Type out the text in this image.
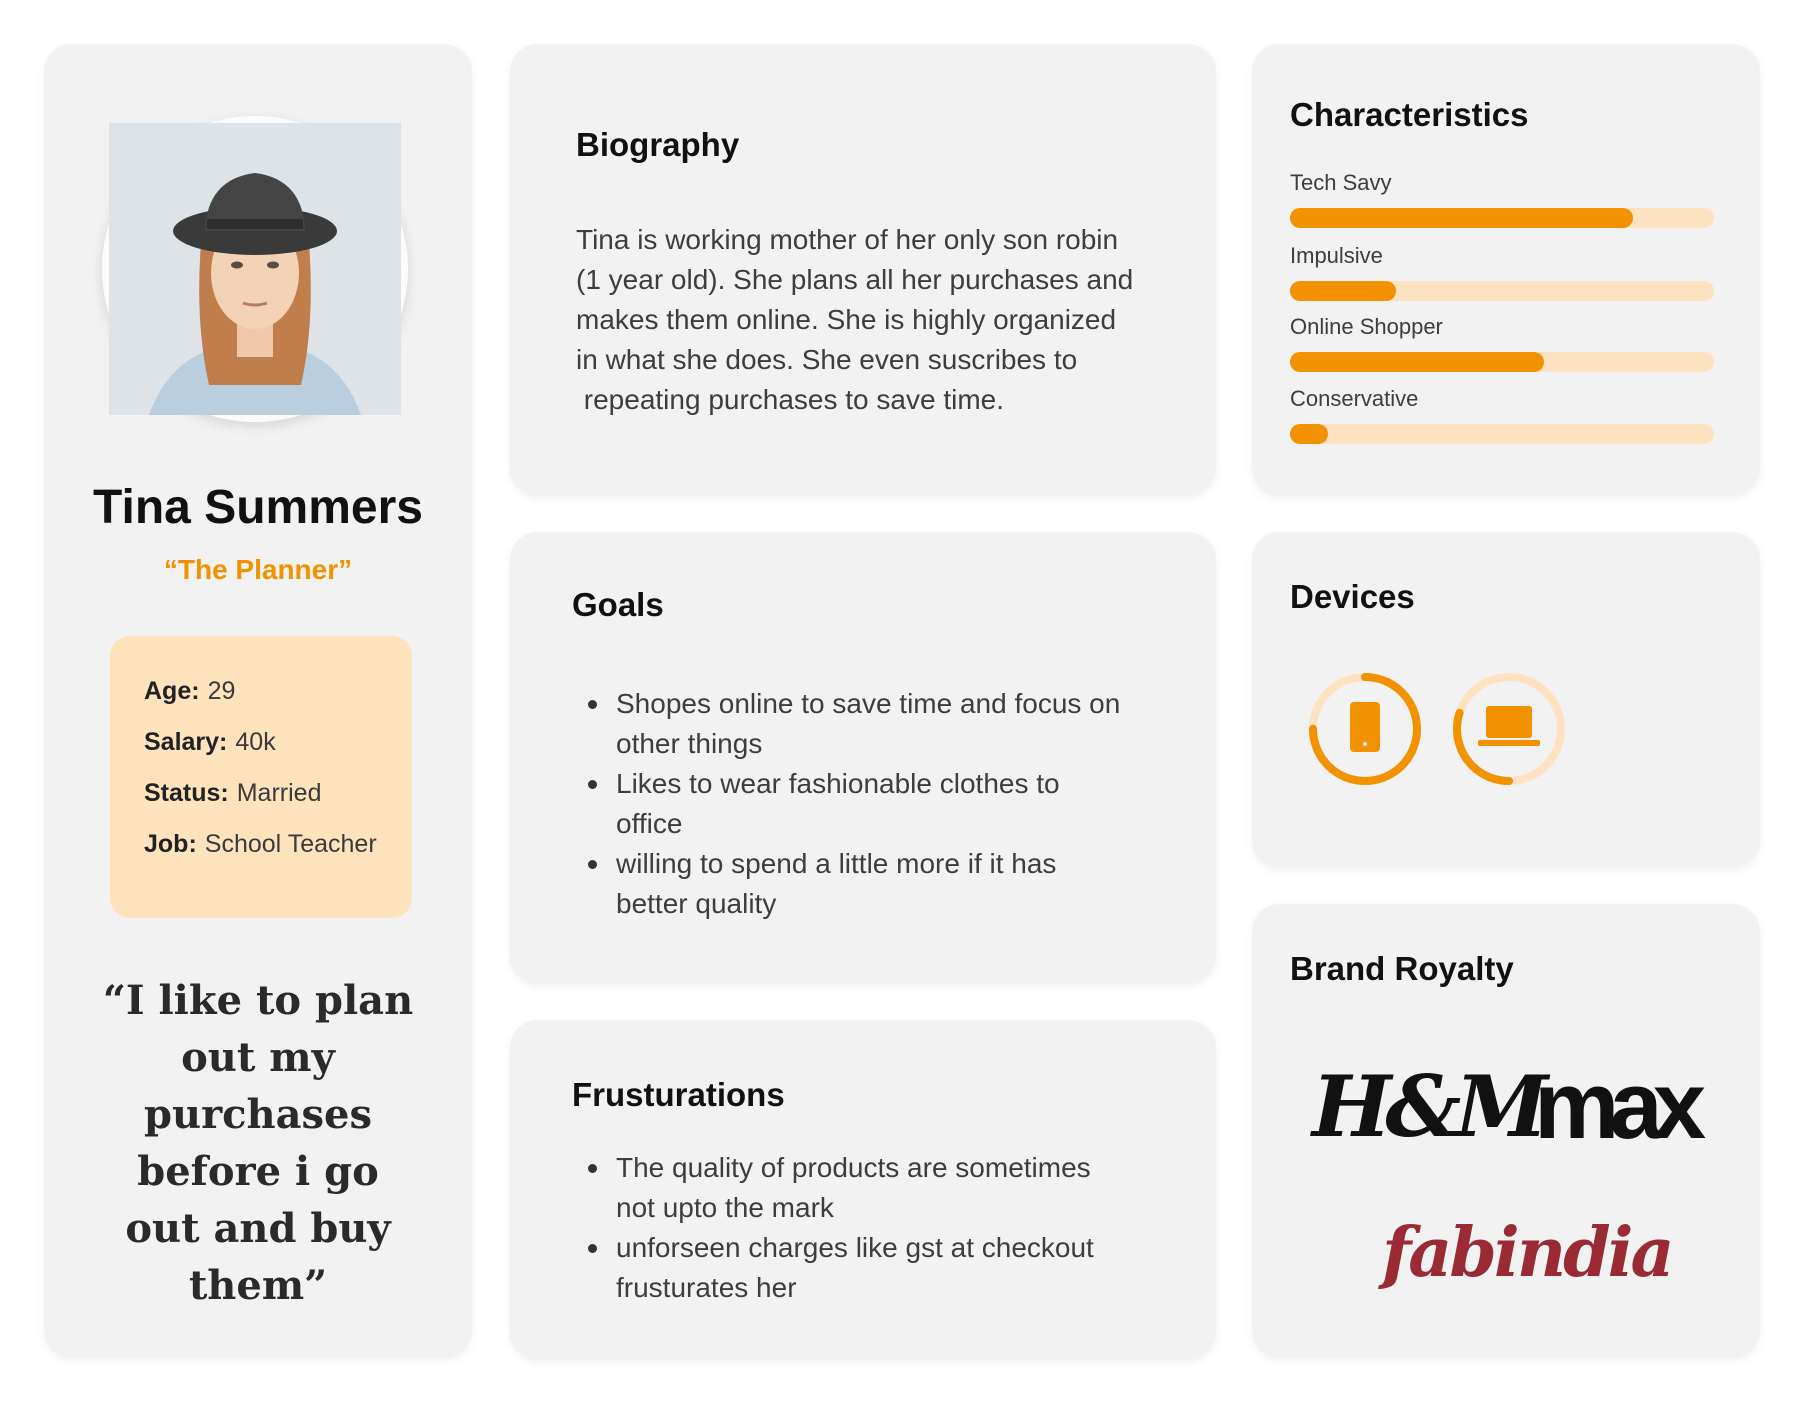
Tina Summers
“The Planner”
Age: 29
Salary: 40k
Status: Married
Job: School Teacher
“I like to plan
out my
purchases
before i go
out and buy
them”
Biography
Tina is working mother of her only son robin
(1 year old). She plans all her purchases and
makes them online. She is highly organized
in what she does. She even suscribes to
repeating purchases to save time.
Goals
Shopes online to save time and focus on
other things
Likes to wear fashionable clothes to
office
willing to spend a little more if it has
better quality
Frusturations
The quality of products are sometimes
not upto the mark
unforseen charges like gst at checkout
frusturates her
Characteristics
Tech Savy
Impulsive
Online Shopper
Conservative
Devices
Brand Royalty
H&M
max
fabindia
